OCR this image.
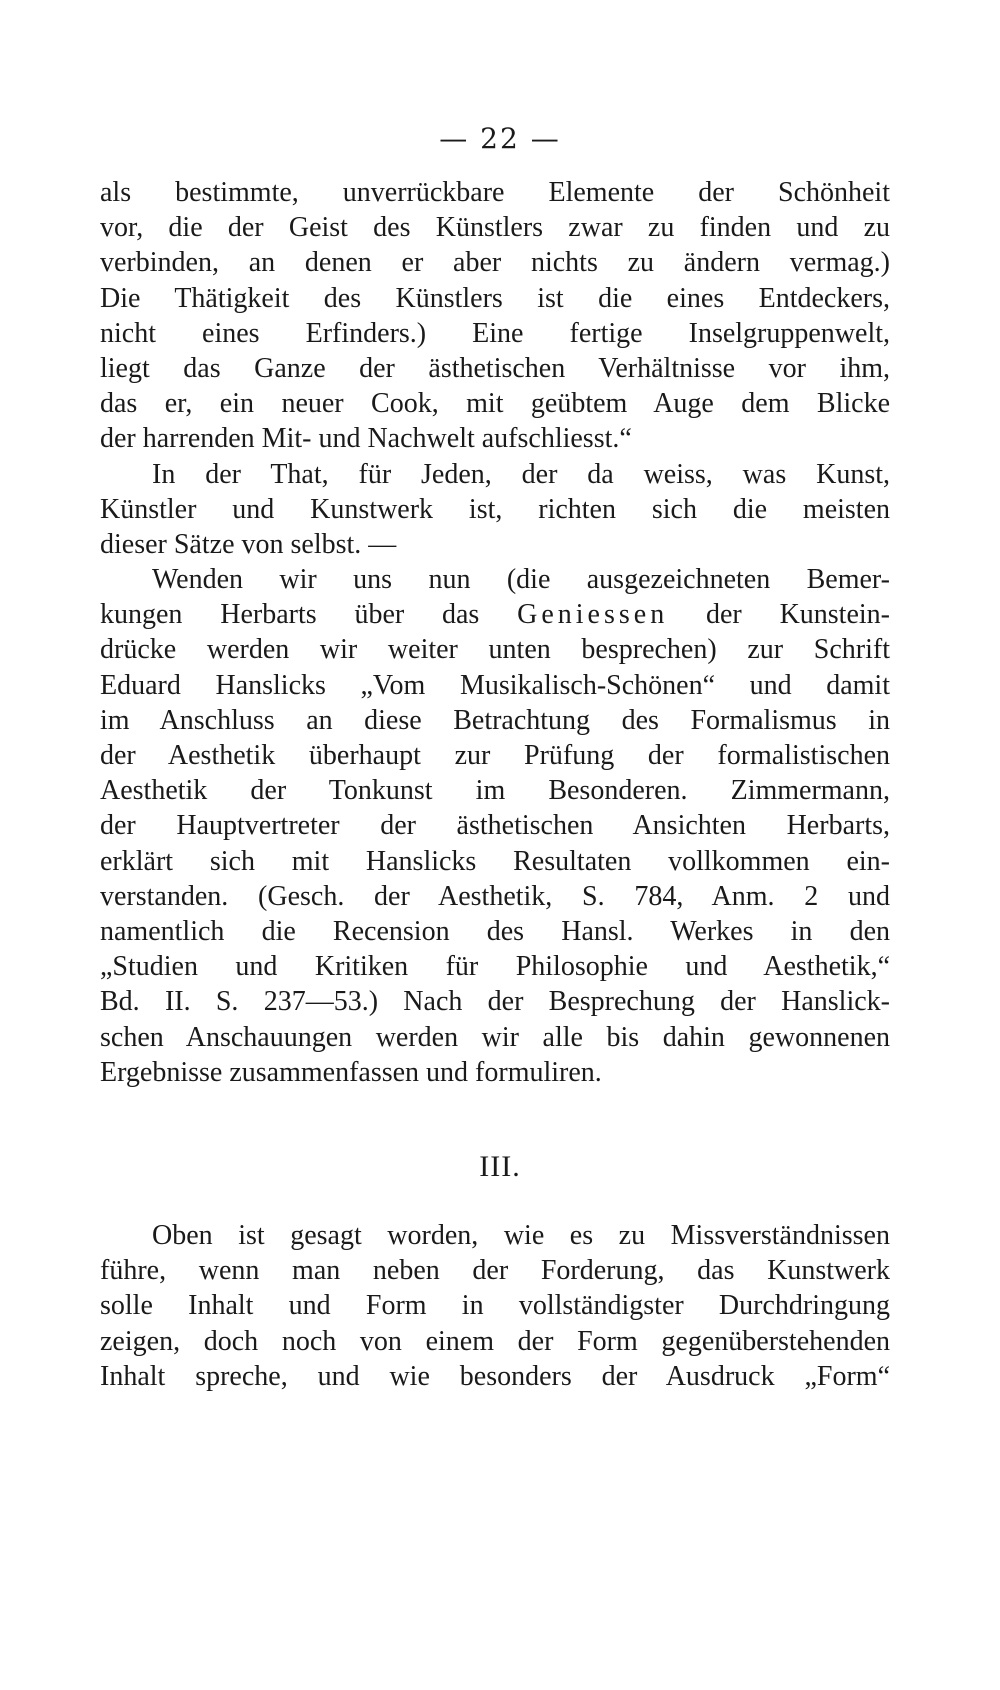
— 22 —
als bestimmte, unverrückbare Elemente der Schönheit
vor, die der Geist des Künstlers zwar zu finden und zu
verbinden, an denen er aber nichts zu ändern vermag.)
Die Thätigkeit des Künstlers ist die eines Entdeckers,
nicht eines Erfinders.) Eine fertige Inselgruppenwelt,
liegt das Ganze der ästhetischen Verhältnisse vor ihm,
das er, ein neuer Cook, mit geübtem Auge dem Blicke
der harrenden Mit- und Nachwelt aufschliesst.“
In der That, für Jeden, der da weiss, was Kunst,
Künstler und Kunstwerk ist, richten sich die meisten
dieser Sätze von selbst. —
Wenden wir uns nun (die ausgezeichneten Bemer-
kungen Herbarts über das Geniessen der Kunstein-
drücke werden wir weiter unten besprechen) zur Schrift
Eduard Hanslicks „Vom Musikalisch-Schönen“ und damit
im Anschluss an diese Betrachtung des Formalismus in
der Aesthetik überhaupt zur Prüfung der formalistischen
Aesthetik der Tonkunst im Besonderen. Zimmermann,
der Hauptvertreter der ästhetischen Ansichten Herbarts,
erklärt sich mit Hanslicks Resultaten vollkommen ein-
verstanden. (Gesch. der Aesthetik, S. 784, Anm. 2 und
namentlich die Recension des Hansl. Werkes in den
„Studien und Kritiken für Philosophie und Aesthetik,“
Bd. II. S. 237—53.) Nach der Besprechung der Hanslick-
schen Anschauungen werden wir alle bis dahin gewonnenen
Ergebnisse zusammenfassen und formuliren.
III.
Oben ist gesagt worden, wie es zu Missverständnissen
führe, wenn man neben der Forderung, das Kunstwerk
solle Inhalt und Form in vollständigster Durchdringung
zeigen, doch noch von einem der Form gegenüberstehenden
Inhalt spreche, und wie besonders der Ausdruck „Form“
